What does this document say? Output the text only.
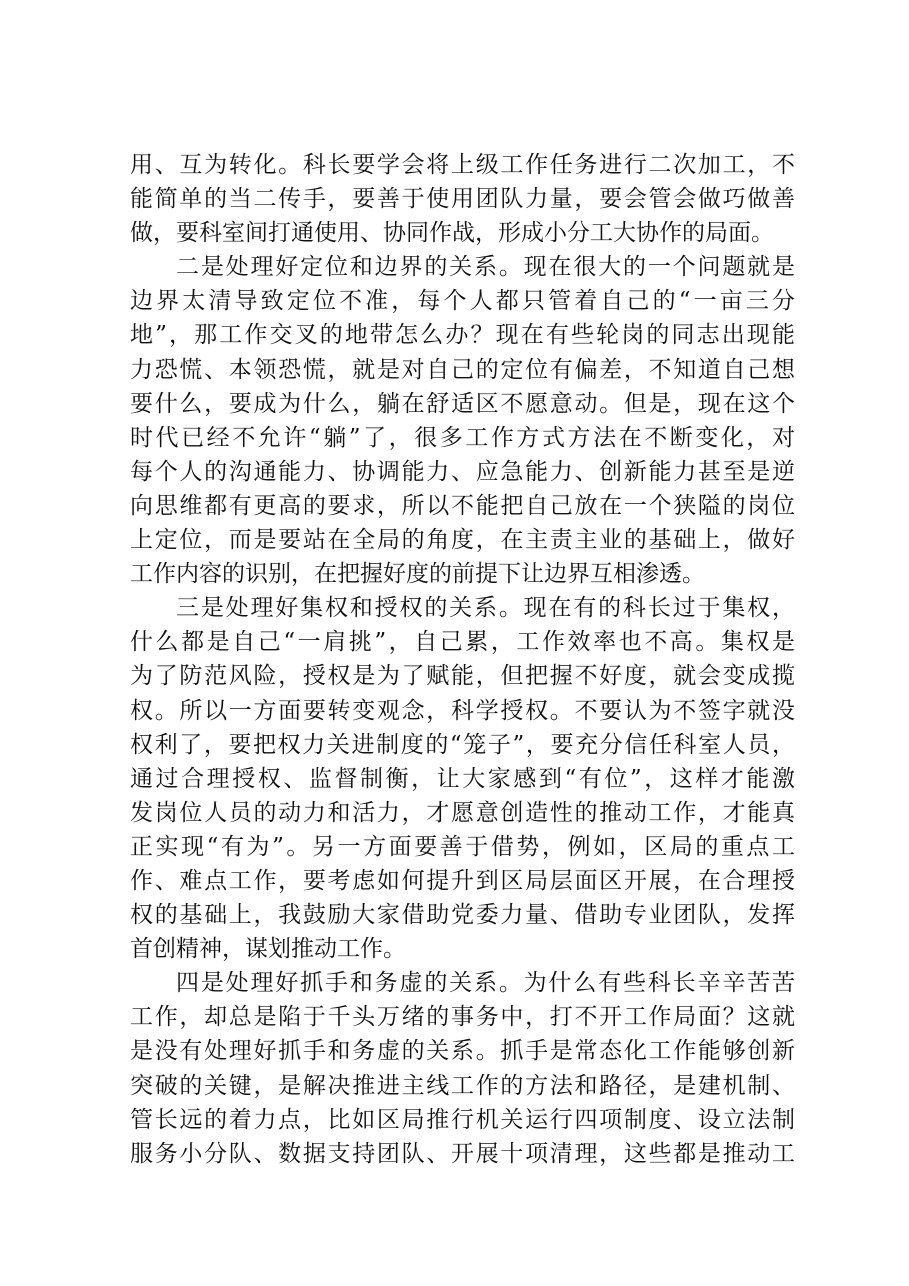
用、互为转化。科长要学会将上级工作任务进行二次加工，不
能简单的当二传手，要善于使用团队力量，要会管会做巧做善
做，要科室间打通使用、协同作战，形成小分工大协作的局面。
二是处理好定位和边界的关系。现在很大的一个问题就是
边界太清导致定位不准，每个人都只管着自己的“一亩三分
地”，那工作交叉的地带怎么办？现在有些轮岗的同志出现能
力恐慌、本领恐慌，就是对自己的定位有偏差，不知道自己想
要什么，要成为什么，躺在舒适区不愿意动。但是，现在这个
时代已经不允许“躺”了，很多工作方式方法在不断变化，对
每个人的沟通能力、协调能力、应急能力、创新能力甚至是逆
向思维都有更高的要求，所以不能把自己放在一个狭隘的岗位
上定位，而是要站在全局的角度，在主责主业的基础上，做好
工作内容的识别，在把握好度的前提下让边界互相渗透。
三是处理好集权和授权的关系。现在有的科长过于集权，
什么都是自己“一肩挑”，自己累，工作效率也不高。集权是
为了防范风险，授权是为了赋能，但把握不好度，就会变成揽
权。所以一方面要转变观念，科学授权。不要认为不签字就没
权利了，要把权力关进制度的“笼子”，要充分信任科室人员，
通过合理授权、监督制衡，让大家感到“有位”，这样才能激
发岗位人员的动力和活力，才愿意创造性的推动工作，才能真
正实现“有为”。另一方面要善于借势，例如，区局的重点工
作、难点工作，要考虑如何提升到区局层面区开展，在合理授
权的基础上，我鼓励大家借助党委力量、借助专业团队，发挥
首创精神，谋划推动工作。
四是处理好抓手和务虚的关系。为什么有些科长辛辛苦苦
工作，却总是陷于千头万绪的事务中，打不开工作局面？这就
是没有处理好抓手和务虚的关系。抓手是常态化工作能够创新
突破的关键，是解决推进主线工作的方法和路径，是建机制、
管长远的着力点，比如区局推行机关运行四项制度、设立法制
服务小分队、数据支持团队、开展十项清理，这些都是推动工
